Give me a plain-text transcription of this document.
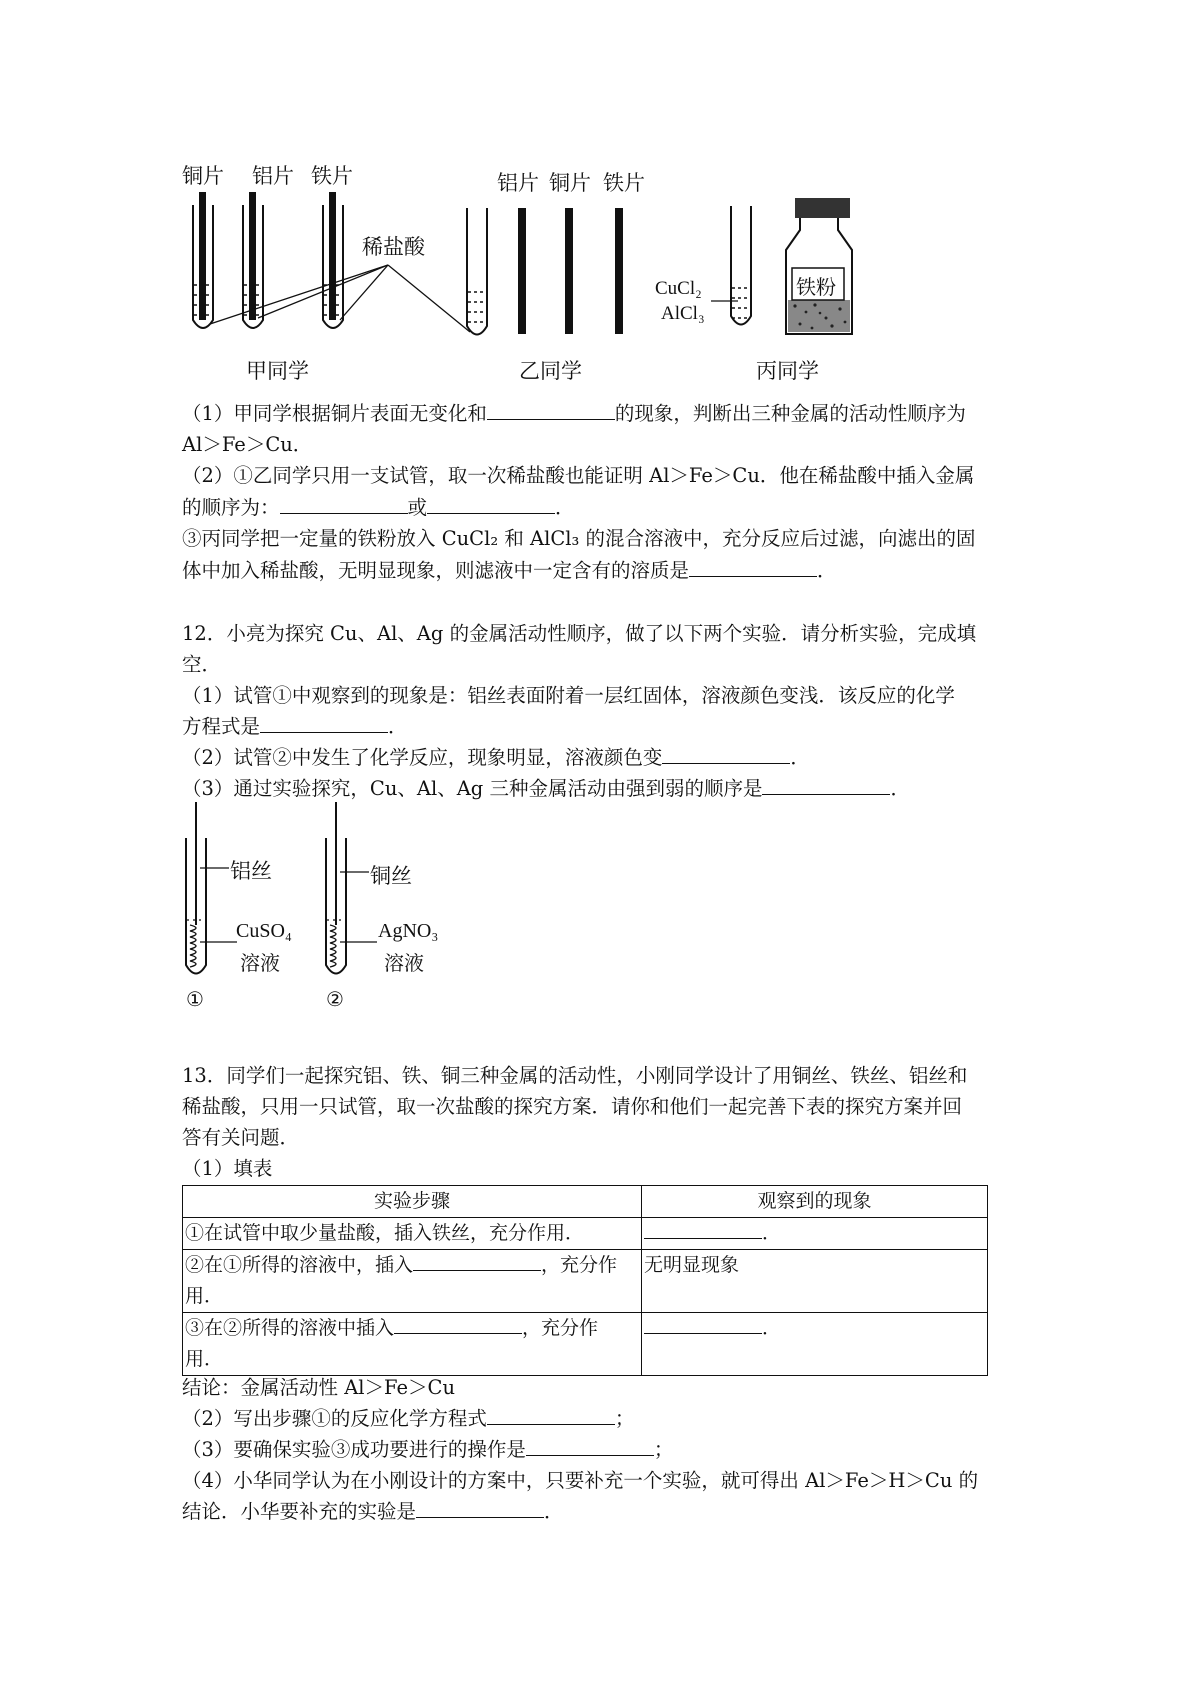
铜片 铝片 铁片
稀盐酸
铝片 铜片 铁片
CuCl₂
AlCl₃
铁粉
甲同学	乙同学	丙同学
（1）甲同学根据铜片表面无变化和	的现象，判断出三种金属的活动性顺序为
Al＞Fe＞Cu．
（2）①乙同学只用一支试管，取一次稀盐酸也能证明 Al＞Fe＞Cu．他在稀盐酸中插入金属
的顺序为：	或	．
③丙同学把一定量的铁粉放入 CuCl₂ 和 AlCl₃ 的混合溶液中，充分反应后过滤，向滤出的固
体中加入稀盐酸，无明显现象，则滤液中一定含有的溶质是	．
12．小亮为探究 Cu、Al、Ag 的金属活动性顺序，做了以下两个实验．请分析实验，完成填
空．
（1）试管①中观察到的现象是：铝丝表面附着一层红固体，溶液颜色变浅．该反应的化学
方程式是	．
（2）试管②中发生了化学反应，现象明显，溶液颜色变	．
（3）通过实验探究，Cu、Al、Ag 三种金属活动由强到弱的顺序是	．
铝丝	铜丝
CuSO₄
溶液
AgNO₃
溶液
①	②
13．同学们一起探究铝、铁、铜三种金属的活动性，小刚同学设计了用铜丝、铁丝、铝丝和
稀盐酸，只用一只试管，取一次盐酸的探究方案．请你和他们一起完善下表的探究方案并回
答有关问题．
（1）填表
实验步骤	观察到的现象
①在试管中取少量盐酸，插入铁丝，充分作用．	．
②在①所得的溶液中，插入 ，充分作
用．	无明显现象
③在②所得的溶液中插入 ，充分作
用．	．
结论：金属活动性 Al＞Fe＞Cu
（2）写出步骤①的反应化学方程式	；
（3）要确保实验③成功要进行的操作是	；
（4）小华同学认为在小刚设计的方案中，只要补充一个实验，就可得出 Al＞Fe＞H＞Cu 的
结论．小华要补充的实验是	．
